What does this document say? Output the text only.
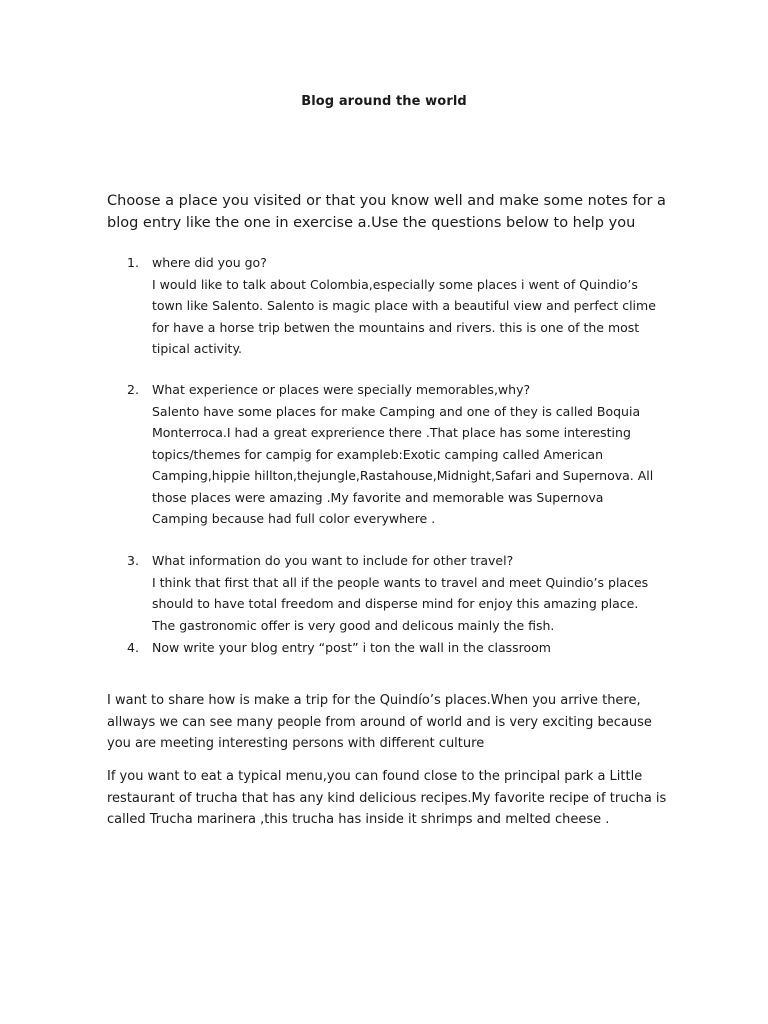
Blog around the world

Choose a place you visited or that you know well and make some notes for a blog entry like the one in exercise a.Use the questions below to help you

1.	where did you go?
I would like to talk about Colombia,especially some places i went of Quindio’s town like Salento. Salento is magic place with a beautiful view and perfect clime for have a horse trip betwen the mountains and rivers. this is one of the most tipical activity.
2.	What experience or places were specially memorables,why?
Salento have some places for make Camping and one of they is called Boquia Monterroca.I had a great exprerience there .That place has some interesting topics/themes for campig for exampleb:Exotic camping called American Camping,hippie hillton,thejungle,Rastahouse,Midnight,Safari and Supernova. All those places were amazing .My favorite and memorable was Supernova Camping because had full color everywhere .
3.	What information do you want to include for other travel?
I think that first that all if the people wants to travel and meet Quindio’s places should to have total freedom and disperse mind for enjoy this amazing place. The gastronomic offer is very good and delicous mainly the fish.
4.	Now write your blog entry “post” i ton the wall in the classroom

I want to share how is make a trip for the Quindío’s places.When you arrive there, allways we can see many people from around of world and is very exciting because you are meeting interesting persons with different culture

If you want to eat a typical menu,you can found close to the principal park a Little restaurant of trucha that has any kind delicious recipes.My favorite recipe of trucha is called Trucha marinera ,this trucha has inside it shrimps and melted cheese .
